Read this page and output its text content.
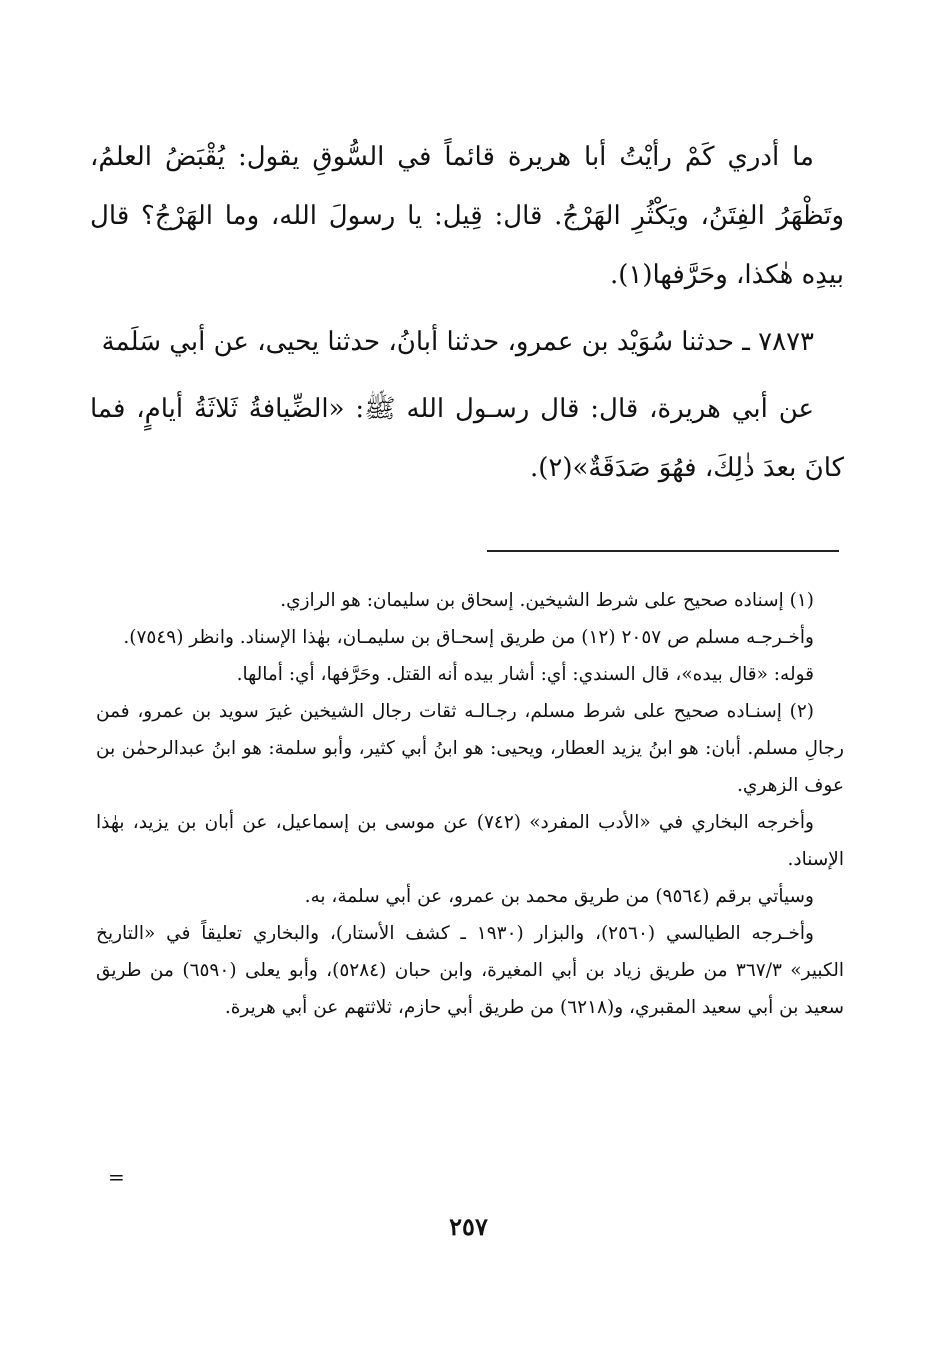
ما أدري كَمْ رأيْتُ أبا هريرة قائماً في السُّوقِ يقول: يُقْبَضُ العلمُ، وتَظْهَرُ الفِتَنُ، ويَكْثُرِ الهَرْجُ. قال: قِيل: يا رسولَ الله، وما الهَرْجُ؟ قال بيدِه هٰكذا، وحَرَّفها(١).

٧٨٧٣ ـ حدثنا سُوَيْد بن عمرو، حدثنا أبانُ، حدثنا يحيى، عن أبي سَلَمة

عن أبي هريرة، قال: قال رسـول الله ﷺ: «الضِّيافةُ ثَلاثَةُ أيامٍ، فما كانَ بعدَ ذٰلِكَ، فهُوَ صَدَقَةٌ»(٢).

(١) إسناده صحيح على شرط الشيخين. إسحاق بن سليمان: هو الرازي.

وأخـرجـه مسلم ص ٢٠٥٧ (١٢) من طريق إسحـاق بن سليمـان، بهٰذا الإسناد. وانظر (٧٥٤٩).

قوله: «قال بيده»، قال السندي: أي: أشار بيده أنه القتل. وحَرَّفها، أي: أمالها.

(٢) إسنـاده صحيح على شرط مسلم، رجـالـه ثقات رجال الشيخين غيرَ سويد بن عمرو، فمن رجالِ مسلم. أبان: هو ابنُ يزيد العطار، ويحيى: هو ابنُ أبي كثير، وأبو سلمة: هو ابنُ عبدالرحمٰن بن عوف الزهري.

وأخرجه البخاري في «الأدب المفرد» (٧٤٢) عن موسى بن إسماعيل، عن أبان بن يزيد، بهٰذا الإسناد.

وسيأتي برقم (٩٥٦٤) من طريق محمد بن عمرو، عن أبي سلمة، به.

وأخـرجه الطيالسي (٢٥٦٠)، والبزار (١٩٣٠ ـ كشف الأستار)، والبخاري تعليقاً في «التاريخ الكبير» ٣٦٧/٣ من طريق زياد بن أبي المغيرة، وابن حبان (٥٢٨٤)، وأبو يعلى (٦٥٩٠) من طريق سعيد بن أبي سعيد المقبري، و(٦٢١٨) من طريق أبي حازم، ثلاثتهم عن أبي هريرة.

=
٢٥٧
